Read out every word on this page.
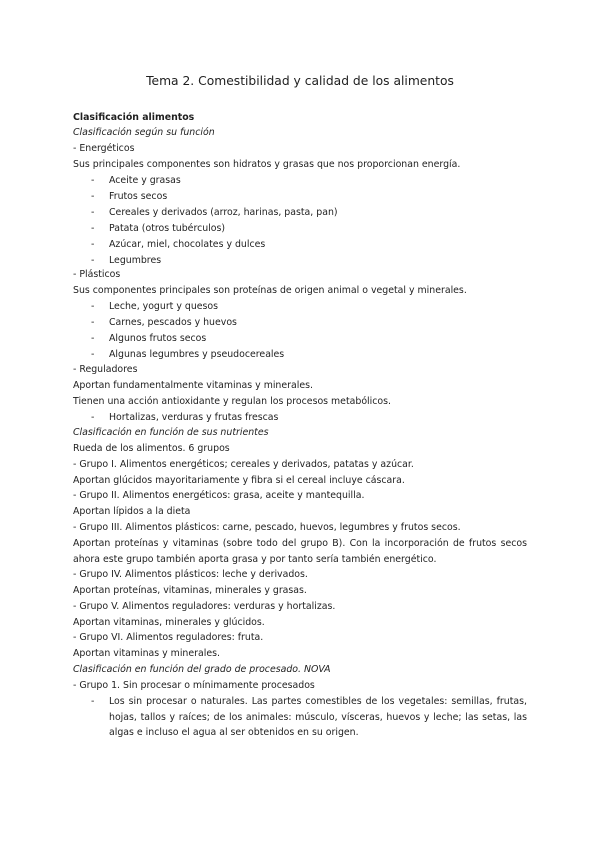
Tema 2. Comestibilidad y calidad de los alimentos
Clasificación alimentos
Clasificación según su función
- Energéticos
Sus principales componentes son hidratos y grasas que nos proporcionan energía.
- Aceite y grasas
- Frutos secos
- Cereales y derivados (arroz, harinas, pasta, pan)
- Patata (otros tubérculos)
- Azúcar, miel, chocolates y dulces
- Legumbres
- Plásticos
Sus componentes principales son proteínas de origen animal o vegetal y minerales.
- Leche, yogurt y quesos
- Carnes, pescados y huevos
- Algunos frutos secos
- Algunas legumbres y pseudocereales
- Reguladores
Aportan fundamentalmente vitaminas y minerales.
Tienen una acción antioxidante y regulan los procesos metabólicos.
- Hortalizas, verduras y frutas frescas
Clasificación en función de sus nutrientes
Rueda de los alimentos. 6 grupos
- Grupo I. Alimentos energéticos; cereales y derivados, patatas y azúcar.
Aportan glúcidos mayoritariamente y fibra si el cereal incluye cáscara.
- Grupo II. Alimentos energéticos: grasa, aceite y mantequilla.
Aportan lípidos a la dieta
- Grupo III. Alimentos plásticos: carne, pescado, huevos, legumbres y frutos secos.
Aportan proteínas y vitaminas (sobre todo del grupo B). Con la incorporación de frutos secos ahora este grupo también aporta grasa y por tanto sería también energético.
- Grupo IV. Alimentos plásticos: leche y derivados.
Aportan proteínas, vitaminas, minerales y grasas.
- Grupo V. Alimentos reguladores: verduras y hortalizas.
Aportan vitaminas, minerales y glúcidos.
- Grupo VI. Alimentos reguladores: fruta.
Aportan vitaminas y minerales.
Clasificación en función del grado de procesado. NOVA
- Grupo 1. Sin procesar o mínimamente procesados
- Los sin procesar o naturales. Las partes comestibles de los vegetales: semillas, frutas, hojas, tallos y raíces; de los animales: músculo, vísceras, huevos y leche; las setas, las algas e incluso el agua al ser obtenidos en su origen.
